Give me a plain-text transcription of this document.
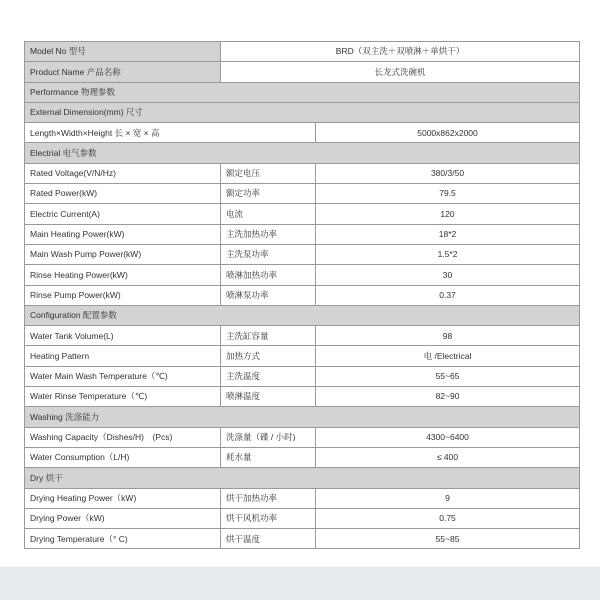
Model No 型号	BRD（双主洗＋双喷淋＋单烘干）	
Product Name 产品名称	长龙式洗碗机	
Performance 物理参数		
External Dimension(mm) 尺寸		
Length×Width×Height 长 × 宽 × 高		5000x862x2000
Electrial 电气参数		
Rated Voltage(V/N/Hz)	额定电压	380/3/50
Rated Power(kW)	额定功率	79.5
Electric Current(A)	电流	120
Main Heating Power(kW)	主洗加热功率	18*2
Main Wash Pump Power(kW)	主洗泵功率	1.5*2
Rinse Heating Power(kW)	喷淋加热功率	30
Rinse Pump Power(kW)	喷淋泵功率	0.37
Configuration 配置参数		
Water Tank Volume(L)	主洗缸容量	98
Heating Pattern	加热方式	电 /Electrical
Water Main Wash Temperature（℃)	主洗温度	55~65
Water Rinse Temperature（℃)	喷淋温度	82~90
Washing 洗涤能力		
Washing Capacity（Dishes/H)　(Pcs)	洗涤量（碟 / 小时)	4300~6400
Water Consumption（L/H)	耗水量	≤ 400
Dry 烘干		
Drying Heating Power（kW)	烘干加热功率	9
Drying Power（kW)	烘干风机功率	0.75
Drying Temperature（° C)	烘干温度	55~85
